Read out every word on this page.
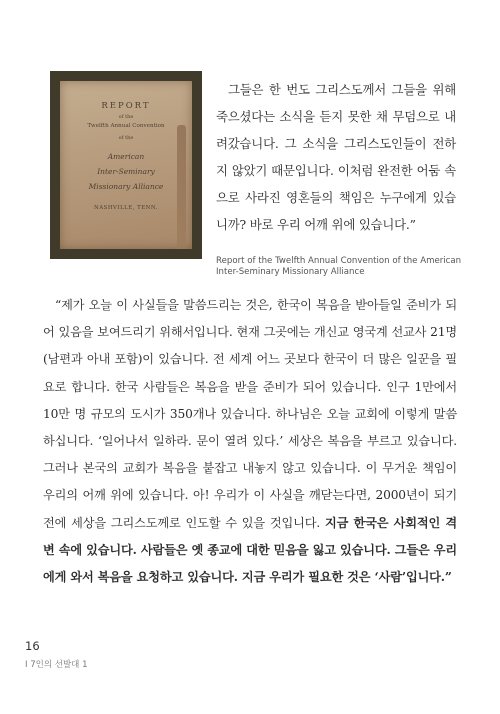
REPORT
of the
Twelfth Annual Convention
of the
American
Inter-Seminary
Missionary Alliance
NASHVILLE, TENN.

그들은 한 번도 그리스도께서 그들을 위해 죽으셨다는 소식을 듣지 못한 채 무덤으로 내려갔습니다. 그 소식을 그리스도인들이 전하지 않았기 때문입니다. 이처럼 완전한 어둠 속으로 사라진 영혼들의 책임은 누구에게 있습니까? 바로 우리 어깨 위에 있습니다.”

Report of the Twelfth Annual Convention of the American Inter-Seminary Missionary Alliance

“제가 오늘 이 사실들을 말씀드리는 것은, 한국이 복음을 받아들일 준비가 되어 있음을 보여드리기 위해서입니다. 현재 그곳에는 개신교 영국계 선교사 21명(남편과 아내 포함)이 있습니다. 전 세계 어느 곳보다 한국이 더 많은 일꾼을 필요로 합니다. 한국 사람들은 복음을 받을 준비가 되어 있습니다. 인구 1만에서 10만 명 규모의 도시가 350개나 있습니다. 하나님은 오늘 교회에 이렇게 말씀하십니다. ‘일어나서 일하라. 문이 열려 있다.’ 세상은 복음을 부르고 있습니다. 그러나 본국의 교회가 복음을 붙잡고 내놓지 않고 있습니다. 이 무거운 책임이 우리의 어깨 위에 있습니다. 아! 우리가 이 사실을 깨닫는다면, 2000년이 되기 전에 세상을 그리스도께로 인도할 수 있을 것입니다. 지금 한국은 사회적인 격변 속에 있습니다. 사람들은 옛 종교에 대한 믿음을 잃고 있습니다. 그들은 우리에게 와서 복음을 요청하고 있습니다. 지금 우리가 필요한 것은 ‘사람’입니다.”

16
I 7인의 선발대 1
